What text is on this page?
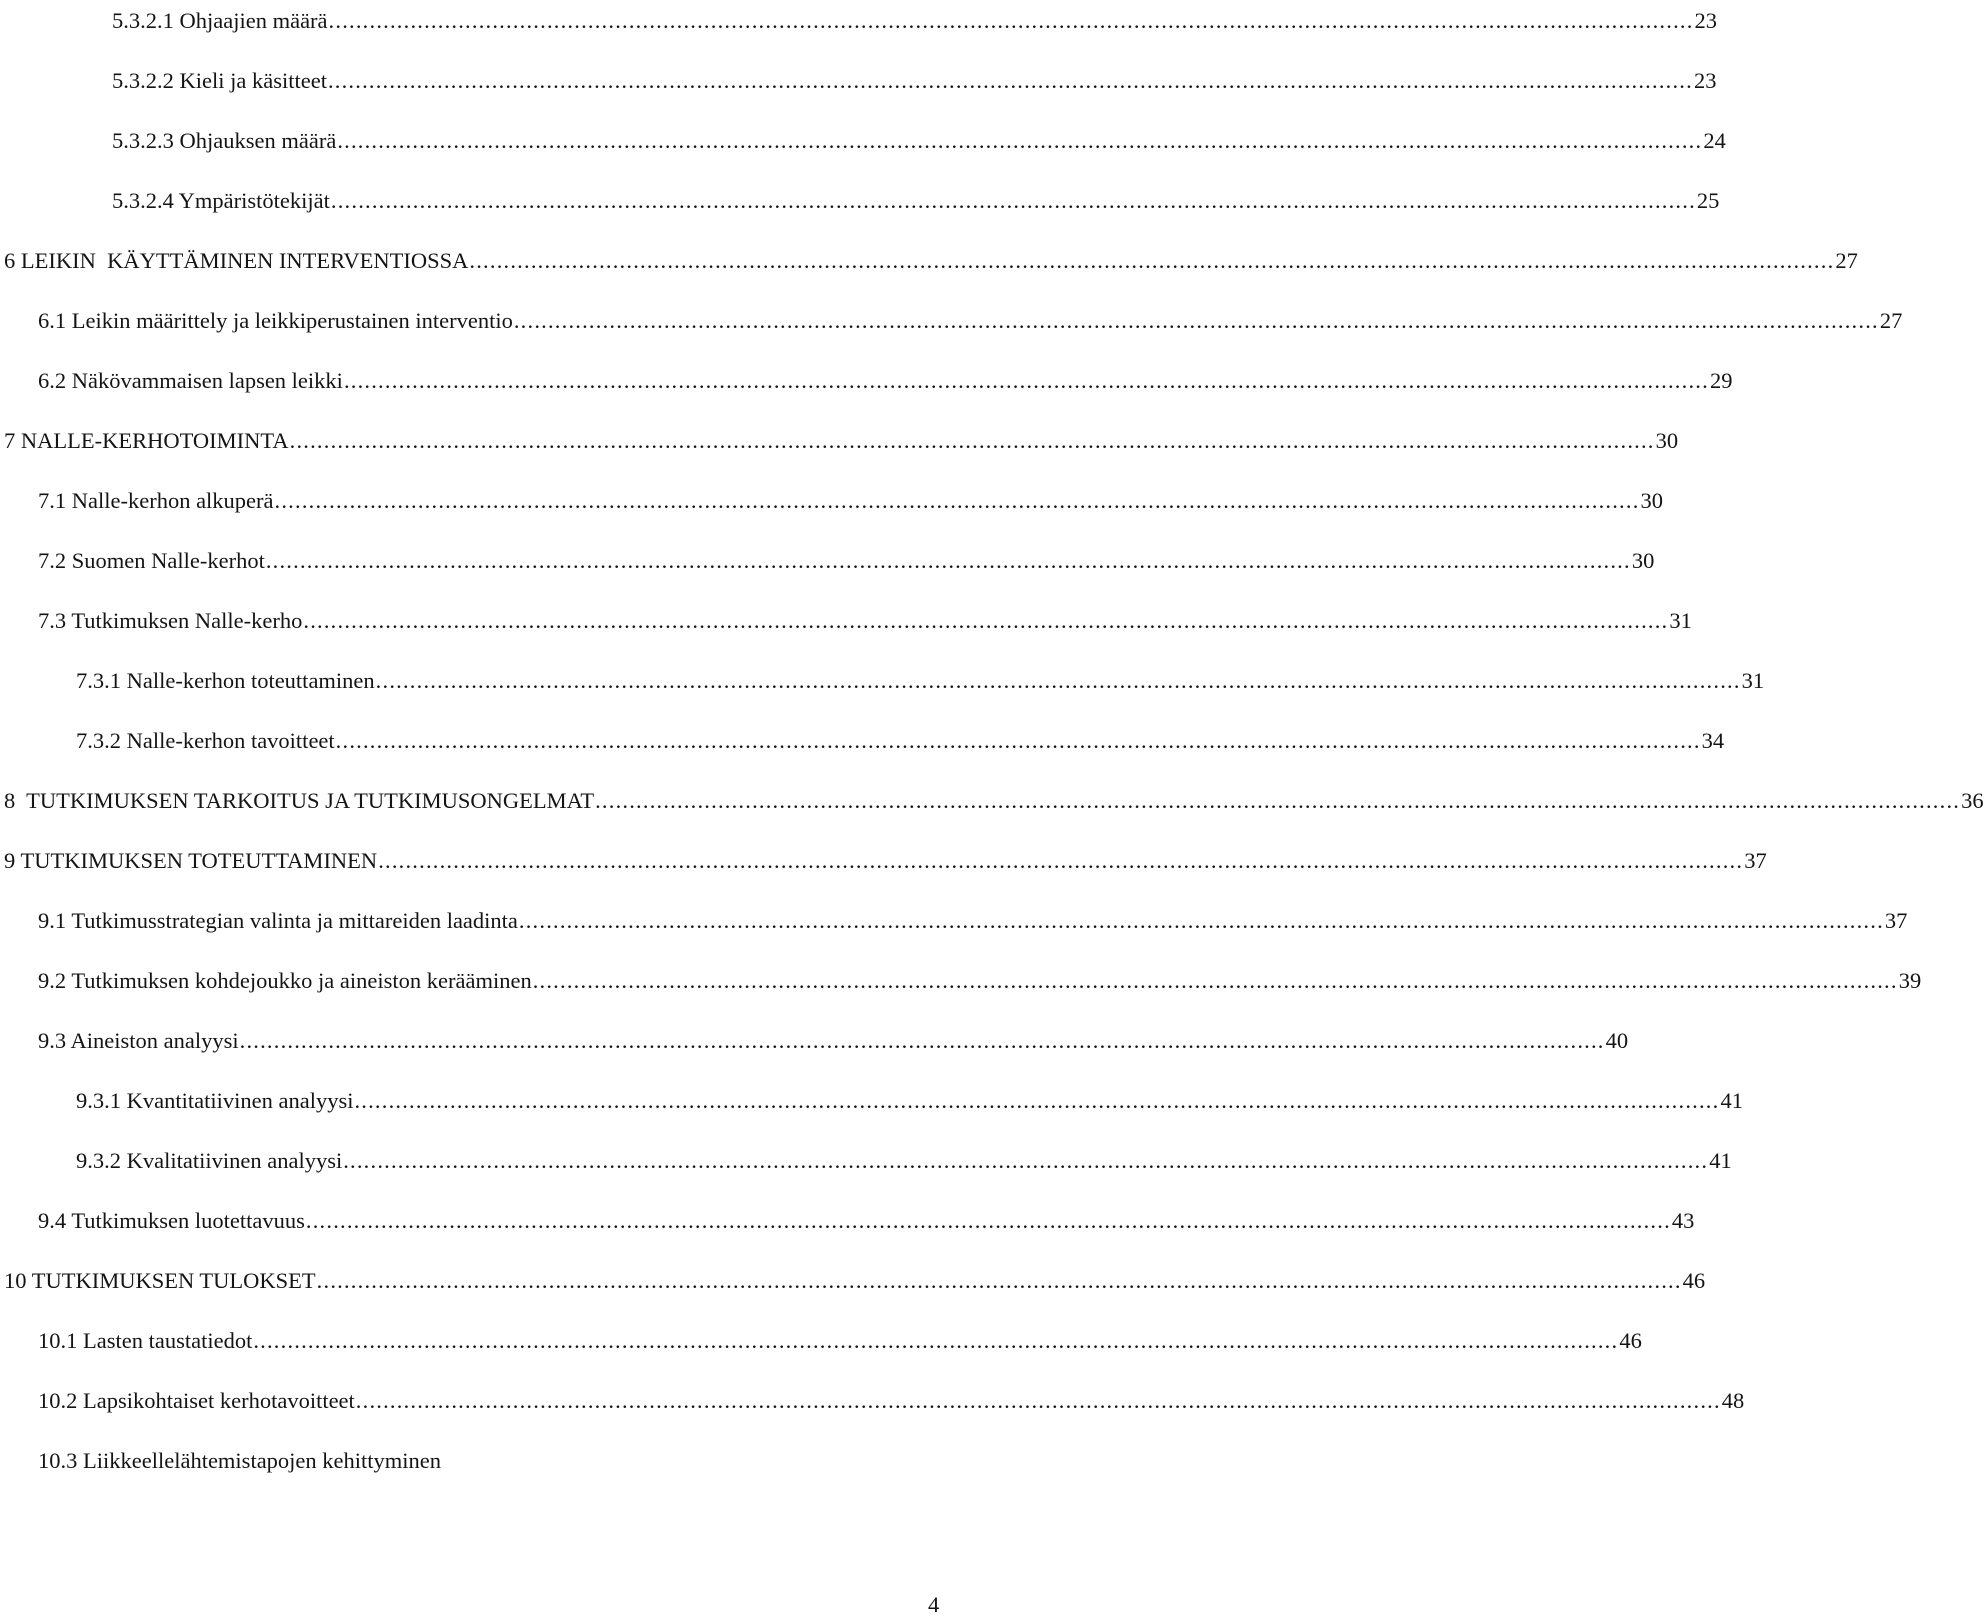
5.3.2.1 Ohjaajien määrä ........................................................................................................................................................................................................ 23
5.3.2.2 Kieli ja käsitteet ........................................................................................................................................................................................................ 23
5.3.2.3 Ohjauksen määrä ........................................................................................................................................................................................................ 24
5.3.2.4 Ympäristötekijät ........................................................................................................................................................................................................ 25
6 LEIKIN  KÄYTTÄMINEN INTERVENTIOSSA ........................................................................................................................................................................................................ 27
6.1 Leikin määrittely ja leikkiperustainen interventio ........................................................................................................................................................................................................ 27
6.2 Näkövammaisen lapsen leikki ........................................................................................................................................................................................................ 29
7 NALLE-KERHOTOIMINTA ........................................................................................................................................................................................................ 30
7.1 Nalle-kerhon alkuperä ........................................................................................................................................................................................................ 30
7.2 Suomen Nalle-kerhot ........................................................................................................................................................................................................ 30
7.3 Tutkimuksen Nalle-kerho ........................................................................................................................................................................................................ 31
7.3.1 Nalle-kerhon toteuttaminen ........................................................................................................................................................................................................ 31
7.3.2 Nalle-kerhon tavoitteet ........................................................................................................................................................................................................ 34
8  TUTKIMUKSEN TARKOITUS JA TUTKIMUSONGELMAT ........................................................................................................................................................................................................ 36
9 TUTKIMUKSEN TOTEUTTAMINEN ........................................................................................................................................................................................................ 37
9.1 Tutkimusstrategian valinta ja mittareiden laadinta ........................................................................................................................................................................................................ 37
9.2 Tutkimuksen kohdejoukko ja aineiston kerääminen ........................................................................................................................................................................................................ 39
9.3 Aineiston analyysi ........................................................................................................................................................................................................ 40
9.3.1 Kvantitatiivinen analyysi ........................................................................................................................................................................................................ 41
9.3.2 Kvalitatiivinen analyysi ........................................................................................................................................................................................................ 41
9.4 Tutkimuksen luotettavuus ........................................................................................................................................................................................................ 43
10 TUTKIMUKSEN TULOKSET ........................................................................................................................................................................................................ 46
10.1 Lasten taustatiedot ........................................................................................................................................................................................................ 46
10.2 Lapsikohtaiset kerhotavoitteet ........................................................................................................................................................................................................ 48
10.3 Liikkeellelähtemistapojen kehittyminen
4
